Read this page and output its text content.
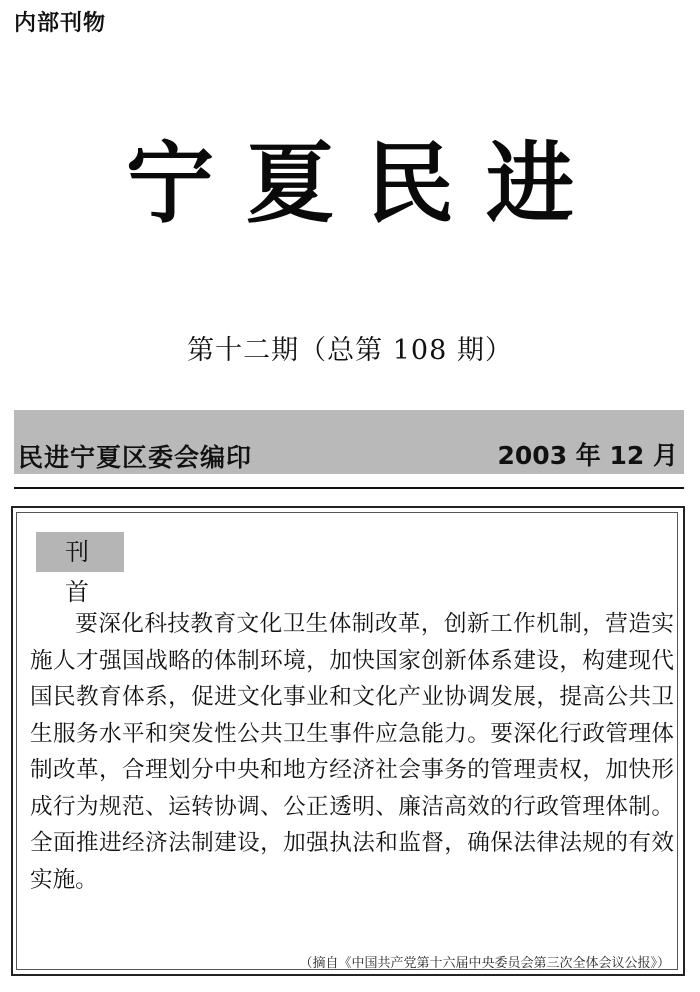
内部刊物
宁夏民进
第十二期（总第 108 期）
民进宁夏区委会编印	2003 年 12 月
刊首

要深化科技教育文化卫生体制改革，创新工作机制，营造实施人才强国战略的体制环境，加快国家创新体系建设，构建现代国民教育体系，促进文化事业和文化产业协调发展，提高公共卫生服务水平和突发性公共卫生事件应急能力。要深化行政管理体制改革，合理划分中央和地方经济社会事务的管理责权，加快形成行为规范、运转协调、公正透明、廉洁高效的行政管理体制。全面推进经济法制建设，加强执法和监督，确保法律法规的有效实施。

（摘自《中国共产党第十六届中央委员会第三次全体会议公报》）
